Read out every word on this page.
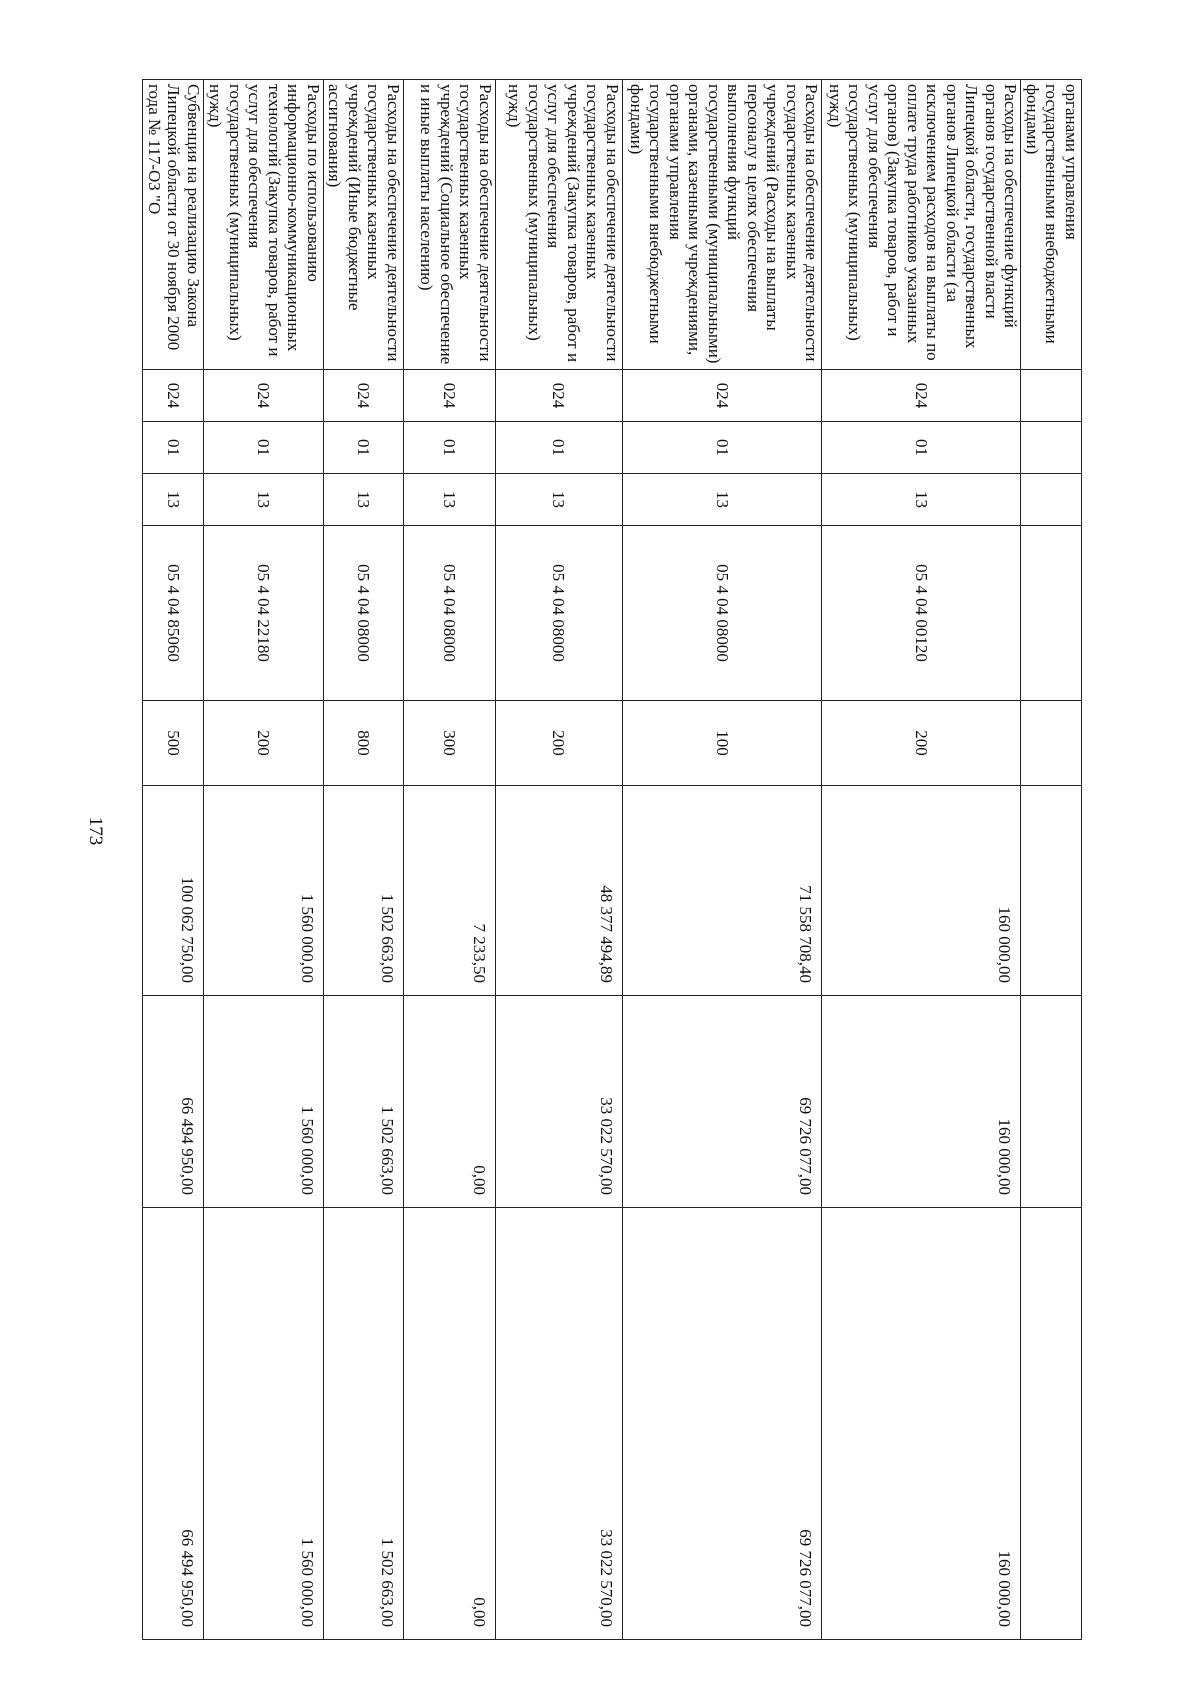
173
органами управления государственными внебюджетными фондами)								
Расходы на обеспечение функций органов государственной власти Липецкой области, государственных органов Липецкой области (за исключением расходов на выплаты по оплате труда работников указанных органов) (Закупка товаров, работ и услуг для обеспечения государственных (муниципальных) нужд)	024	01	13	05 4 04 00120	200	160 000,00	160 000,00	160 000,00
Расходы на обеспечение деятельности государственных казенных учреждений (Расходы на выплаты персоналу в целях обеспечения выполнения функций государственными (муниципальными) органами, казенными учреждениями, органами управления государственными внебюджетными фондами)	024	01	13	05 4 04 08000	100	71 558 708,40	69 726 077,00	69 726 077,00
Расходы на обеспечение деятельности государственных казенных учреждений (Закупка товаров, работ и услуг для обеспечения государственных (муниципальных) нужд)	024	01	13	05 4 04 08000	200	48 377 494,89	33 022 570,00	33 022 570,00
Расходы на обеспечение деятельности государственных казенных учреждений (Социальное обеспечение и иные выплаты населению)	024	01	13	05 4 04 08000	300	7 233,50	0,00	0,00
Расходы на обеспечение деятельности государственных казенных учреждений (Иные бюджетные ассигнования)	024	01	13	05 4 04 08000	800	1 502 663,00	1 502 663,00	1 502 663,00
Расходы по использованию информационно-коммуникационных технологий (Закупка товаров, работ и услуг для обеспечения государственных (муниципальных) нужд)	024	01	13	05 4 04 22180	200	1 560 000,00	1 560 000,00	1 560 000,00
Субвенция на реализацию Закона Липецкой области от 30 ноября 2000 года № 117-ОЗ "О	024	01	13	05 4 04 85060	500	100 062 750,00	66 494 950,00	66 494 950,00
